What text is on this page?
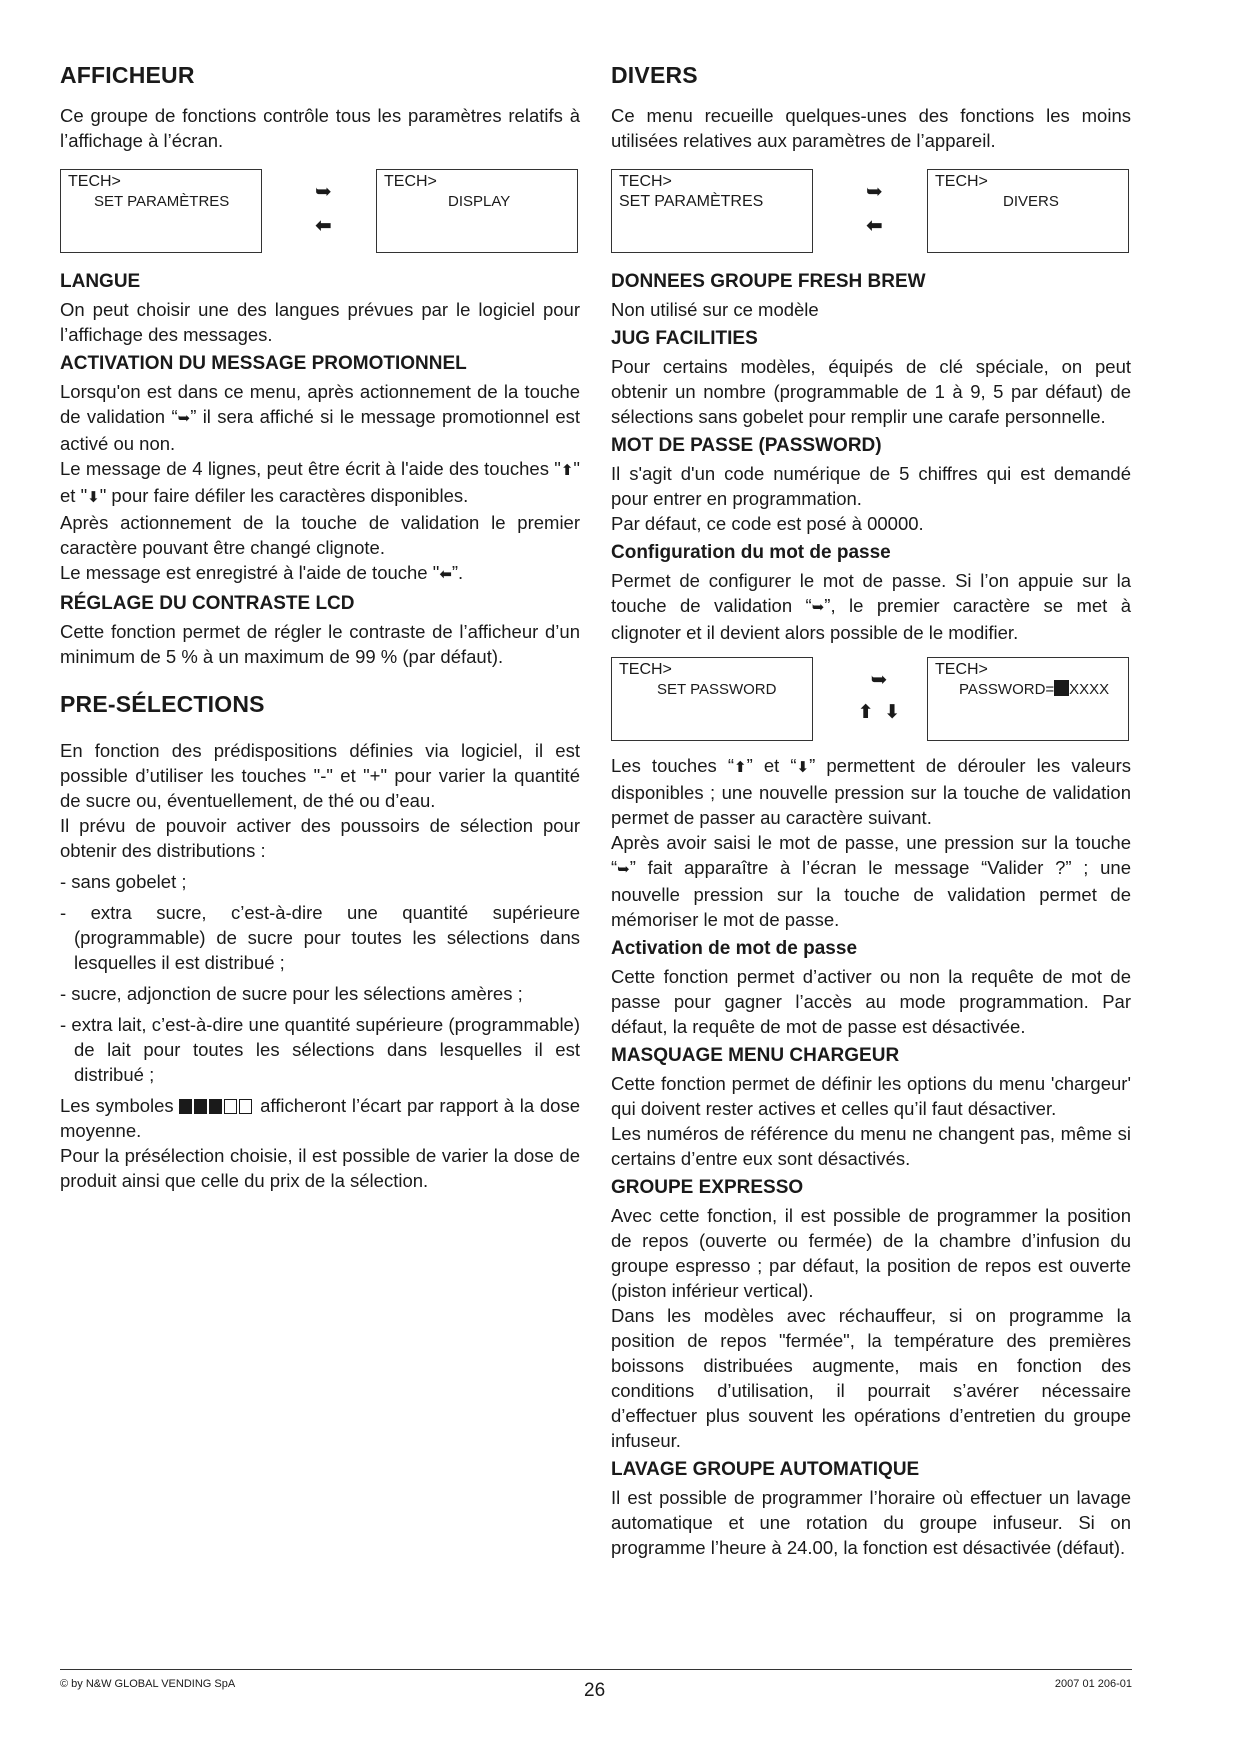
AFFICHEUR

Ce groupe de fonctions contrôle tous les paramètres relatifs à l’affichage à l’écran.

TECH>
SET PARAMÈTRES	➥
⬅
TECH>
DISPLAY
LANGUE

On peut choisir une des langues prévues par le logiciel pour l’affichage des messages.

ACTIVATION DU MESSAGE PROMOTIONNEL

Lorsqu'on est dans ce menu, après actionnement de la touche de validation “➥” il sera affiché si le message promotionnel est activé ou non.

Le message de 4 lignes, peut être écrit à l'aide des touches "⬆" et "⬇" pour faire défiler les caractères disponibles.

Après actionnement de la touche de validation le premier caractère pouvant être changé clignote.

Le message est enregistré à l'aide de touche "⬅”.

RÉGLAGE DU CONTRASTE LCD

Cette fonction permet de régler le contraste de l’afficheur d’un minimum de 5 % à un maximum de 99 % (par défaut).

PRE-SÉLECTIONS

En fonction des prédispositions définies via logiciel, il est possible d’utiliser les touches "-" et "+" pour varier la quantité de sucre ou, éventuellement, de thé ou d’eau.

Il prévu de pouvoir activer des poussoirs de sélection pour obtenir des distributions :

- sans gobelet ;

- extra sucre, c’est-à-dire une quantité supérieure (programmable) de sucre pour toutes les sélections dans lesquelles il est distribué ;

- sucre, adjonction de sucre pour les sélections amères ;

- extra lait, c’est-à-dire une quantité supérieure (programmable) de lait pour toutes les sélections dans lesquelles il est distribué ;

Les symboles	afficheront l’écart par rapport à la dose moyenne.

Pour la présélection choisie, il est possible de varier la dose de produit ainsi que celle du prix de la sélection.

DIVERS

Ce menu recueille quelques-unes des fonctions les moins utilisées relatives aux paramètres de l’appareil.

TECH>
SET PARAMÈTRES	➥
⬅
TECH>
DIVERS
DONNEES GROUPE FRESH BREW

Non utilisé sur ce modèle

JUG FACILITIES

Pour certains modèles, équipés de clé spéciale, on peut obtenir un nombre (programmable de 1 à 9, 5 par défaut) de sélections sans gobelet pour remplir une carafe personnelle.

MOT DE PASSE (PASSWORD)

Il s'agit d'un code numérique de 5 chiffres qui est demandé pour entrer en programmation.

Par défaut, ce code est posé à 00000.

Configuration du mot de passe

Permet de configurer le mot de passe. Si l’on appuie sur la touche de validation “➥”, le premier caractère se met à clignoter et il devient alors possible de le modifier.

TECH>
SET PASSWORD	➥
⬆ ⬇
TECH>
PASSWORD= XXXX

Les touches “⬆” et “⬇” permettent de dérouler les valeurs disponibles ; une nouvelle pression sur la touche de validation permet de passer au caractère suivant.

Après avoir saisi le mot de passe, une pression sur la touche “➥” fait apparaître à l’écran le message “Valider ?” ; une nouvelle pression sur la touche de validation permet de mémoriser le mot de passe.

Activation de mot de passe

Cette fonction permet d’activer ou non la requête de mot de passe pour gagner l’accès au mode programmation. Par défaut, la requête de mot de passe est désactivée.

MASQUAGE MENU CHARGEUR

Cette fonction permet de définir les options du menu 'chargeur' qui doivent rester actives et celles qu’il faut désactiver.

Les numéros de référence du menu ne changent pas, même si certains d’entre eux sont désactivés.

GROUPE EXPRESSO

Avec cette fonction, il est possible de programmer la position de repos (ouverte ou fermée) de la chambre d’infusion du groupe espresso ; par défaut, la position de repos est ouverte (piston inférieur vertical).

Dans les modèles avec réchauffeur, si on programme la position de repos "fermée", la température des premières boissons distribuées augmente, mais en fonction des conditions d’utilisation, il pourrait s’avérer nécessaire d’effectuer plus souvent les opérations d’entretien du groupe infuseur.

LAVAGE GROUPE AUTOMATIQUE

Il est possible de programmer l’horaire où effectuer un lavage automatique et une rotation du groupe infuseur. Si on programme l’heure à 24.00, la fonction est désactivée (défaut).

© by N&W GLOBAL VENDING SpA	26	2007 01 206-01
